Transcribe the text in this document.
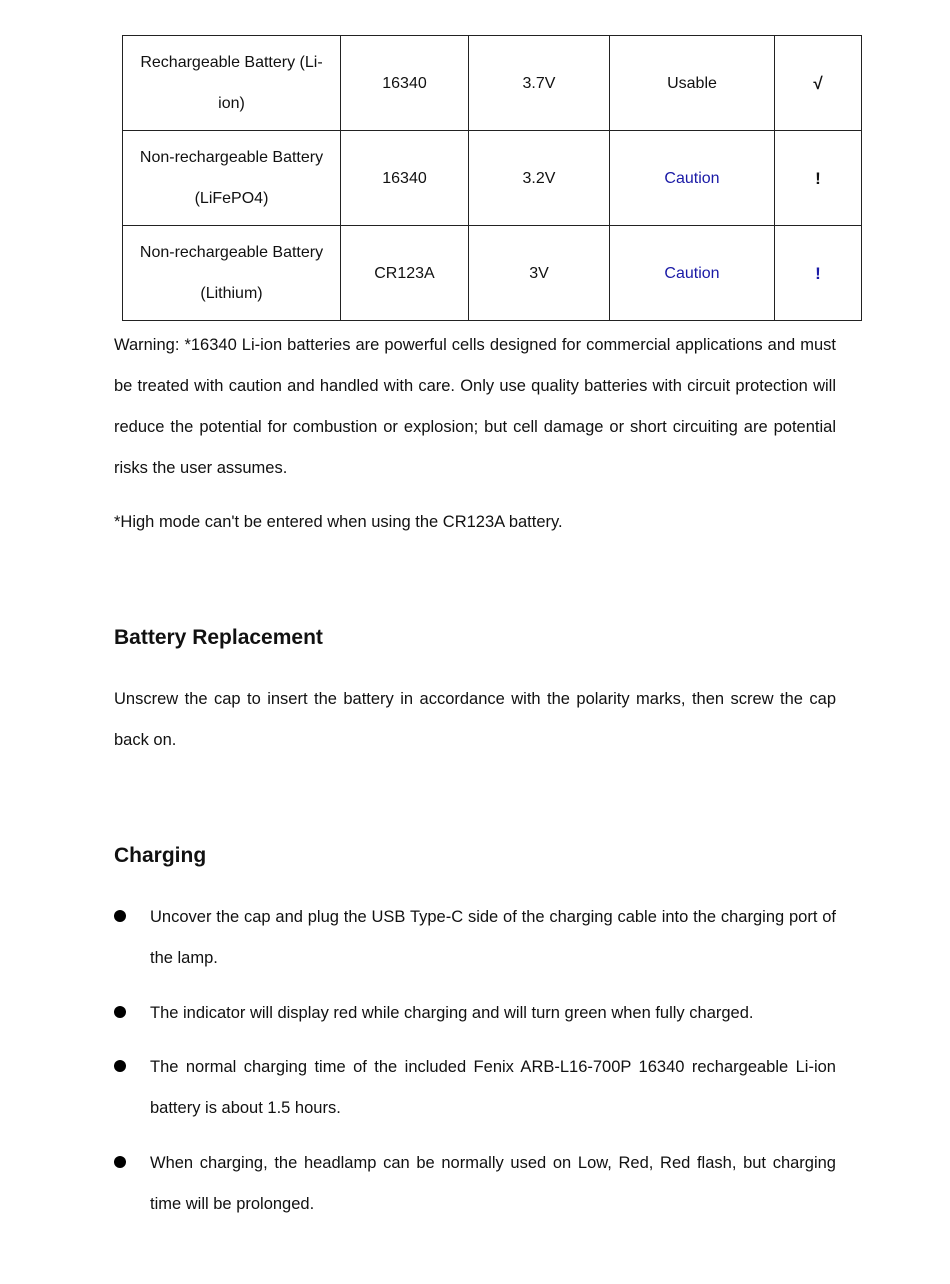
Rechargeable Battery (Li-ion)	16340	3.7V	Usable	√
Non-rechargeable Battery (LiFePO4)	16340	3.2V	Caution	!
Non-rechargeable Battery (Lithium)	CR123A	3V	Caution	!

Warning: *16340 Li-ion batteries are powerful cells designed for commercial applications and must be treated with caution and handled with care. Only use quality batteries with circuit protection will reduce the potential for combustion or explosion; but cell damage or short circuiting are potential risks the user assumes.

*High mode can't be entered when using the CR123A battery.

Battery Replacement

Unscrew the cap to insert the battery in accordance with the polarity marks, then screw the cap back on.

Charging

Uncover the cap and plug the USB Type-C side of the charging cable into the charging port of the lamp.

The indicator will display red while charging and will turn green when fully charged.

The normal charging time of the included Fenix ARB-L16-700P 16340 rechargeable Li-ion battery is about 1.5 hours.

When charging, the headlamp can be normally used on Low, Red, Red flash, but charging time will be prolonged.
